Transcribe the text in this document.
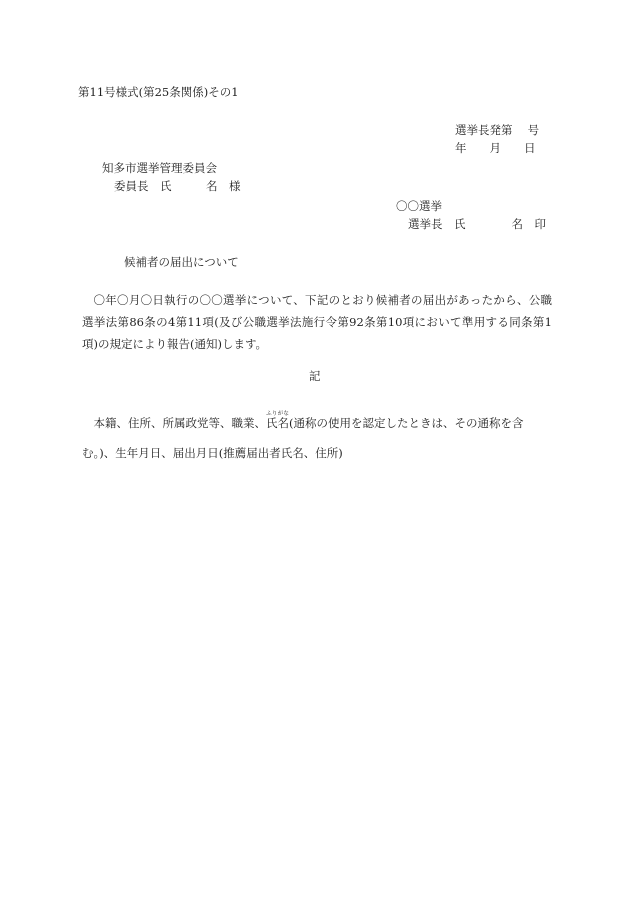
第11号様式(第25条関係)その1
選挙長発第　 号
年　　月　　日
知多市選挙管理委員会
委員長　氏　　　名　様
〇〇選挙
選挙長　氏　　　　名　印
候補者の届出について
〇年〇月〇日執行の〇〇選挙について、下記のとおり候補者の届出があったから、公職選挙法第86条の4第11項(及び公職選挙法施行令第92条第10項において準用する同条第1項)の規定により報告(通知)します。
記
本籍、住所、所属政党等、職業、氏名ふりがな(通称の使用を認定したときは、その通称を含む。)、生年月日、届出月日(推薦届出者氏名、住所)
